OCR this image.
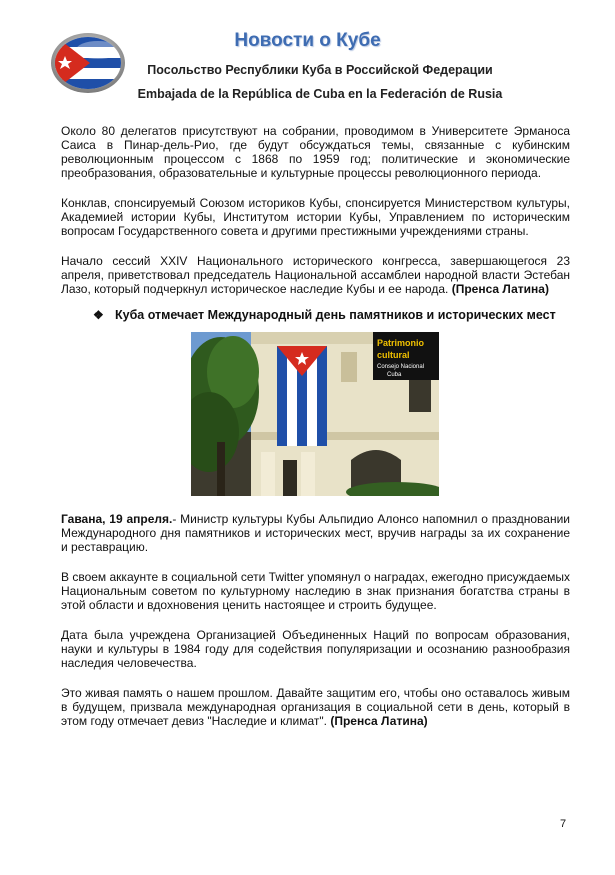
Новости о Кубе
Посольство Республики Куба в Российской Федерации
Embajada de la República de Cuba en la Federación de Rusia

Около 80 делегатов присутствуют на собрании, проводимом в Университете Эрманоса Саиса в Пинар-дель-Рио, где будут обсуждаться темы, связанные с кубинским революционным процессом с 1868 по 1959 год; политические и экономические преобразования, образовательные и культурные процессы революционного периода.

Конклав, спонсируемый Союзом историков Кубы, спонсируется Министерством культуры, Академией истории Кубы, Институтом истории Кубы, Управлением по историческим вопросам Государственного совета и другими престижными учреждениями страны.

Начало сессий XXIV Национального исторического конгресса, завершающегося 23 апреля, приветствовал председатель Национальной ассамблеи народной власти Эстебан Лазо, который подчеркнул историческое наследие Кубы и ее народа. (Пренса Латина)

❖ Куба отмечает Международный день памятников и исторических мест
Patrimonio
cultural
Consejo Nacional
Cuba

Гавана, 19 апреля.- Министр культуры Кубы Альпидио Алонсо напомнил о праздновании Международного дня памятников и исторических мест, вручив награды за их сохранение и реставрацию.

В своем аккаунте в социальной сети Twitter упомянул о наградах, ежегодно присуждаемых Национальным советом по культурному наследию в знак признания богатства страны в этой области и вдохновения ценить настоящее и строить будущее.

Дата была учреждена Организацией Объединенных Наций по вопросам образования, науки и культуры в 1984 году для содействия популяризации и осознанию разнообразия наследия человечества.

Это живая память о нашем прошлом. Давайте защитим его, чтобы оно оставалось живым в будущем, призвала международная организация в социальной сети в день, который в этом году отмечает девиз "Наследие и климат". (Пренса Латина)

7
